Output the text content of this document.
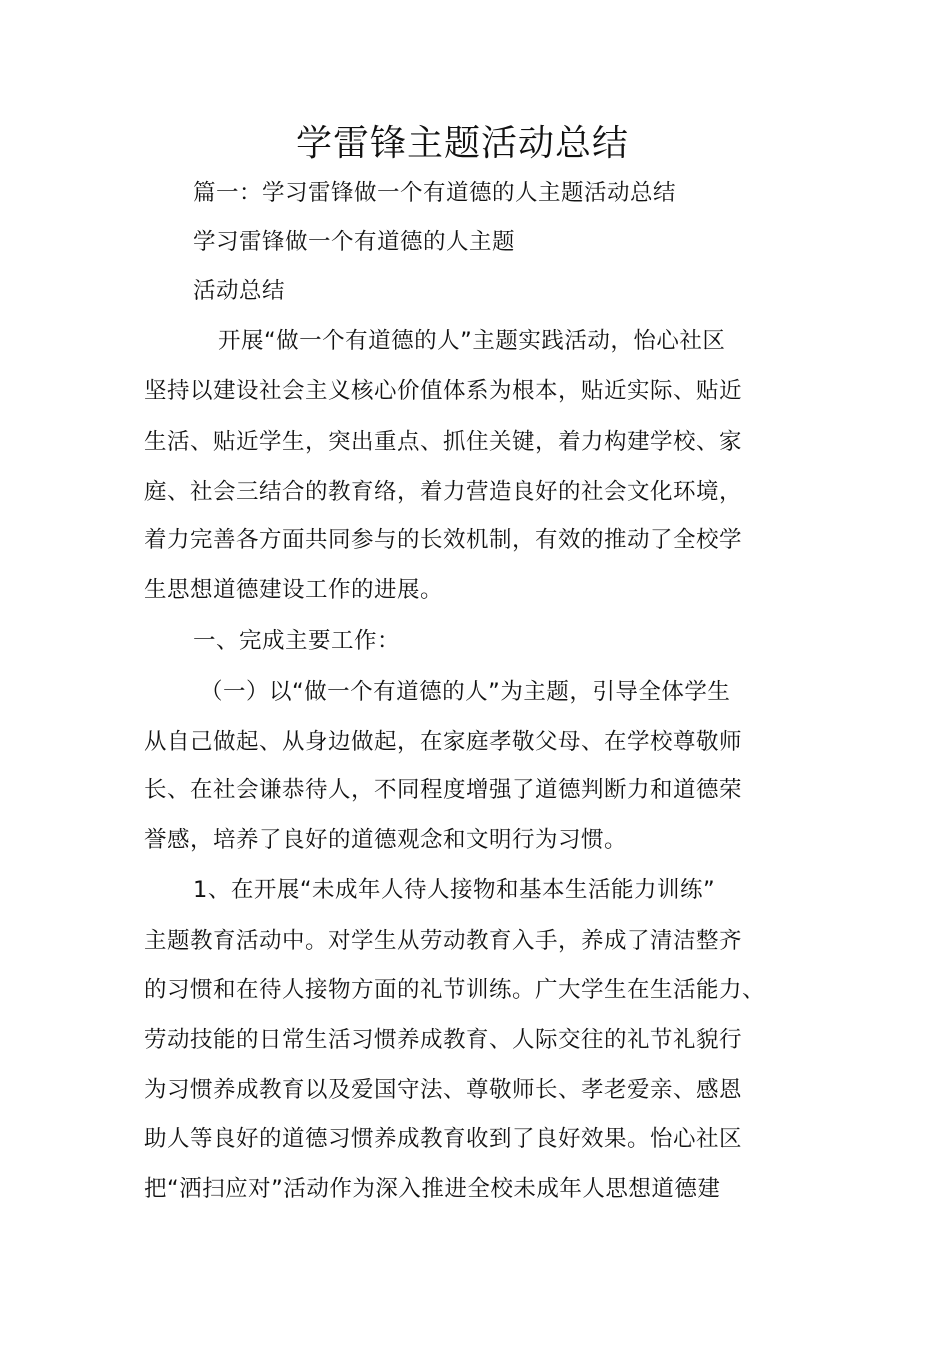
学雷锋主题活动总结

篇一：学习雷锋做一个有道德的人主题活动总结

学习雷锋做一个有道德的人主题

活动总结

开展“做一个有道德的人”主题实践活动，怡心社区

坚持以建设社会主义核心价值体系为根本，贴近实际、贴近

生活、贴近学生，突出重点、抓住关键，着力构建学校、家

庭、社会三结合的教育络，着力营造良好的社会文化环境，

着力完善各方面共同参与的长效机制，有效的推动了全校学

生思想道德建设工作的进展。

一、完成主要工作：

（一）以“做一个有道德的人”为主题，引导全体学生

从自己做起、从身边做起，在家庭孝敬父母、在学校尊敬师

长、在社会谦恭待人，不同程度增强了道德判断力和道德荣

誉感，培养了良好的道德观念和文明行为习惯。

1、在开展“未成年人待人接物和基本生活能力训练”

主题教育活动中。对学生从劳动教育入手，养成了清洁整齐

的习惯和在待人接物方面的礼节训练。广大学生在生活能力、

劳动技能的日常生活习惯养成教育、人际交往的礼节礼貌行

为习惯养成教育以及爱国守法、尊敬师长、孝老爱亲、感恩

助人等良好的道德习惯养成教育收到了良好效果。怡心社区

把“洒扫应对”活动作为深入推进全校未成年人思想道德建
